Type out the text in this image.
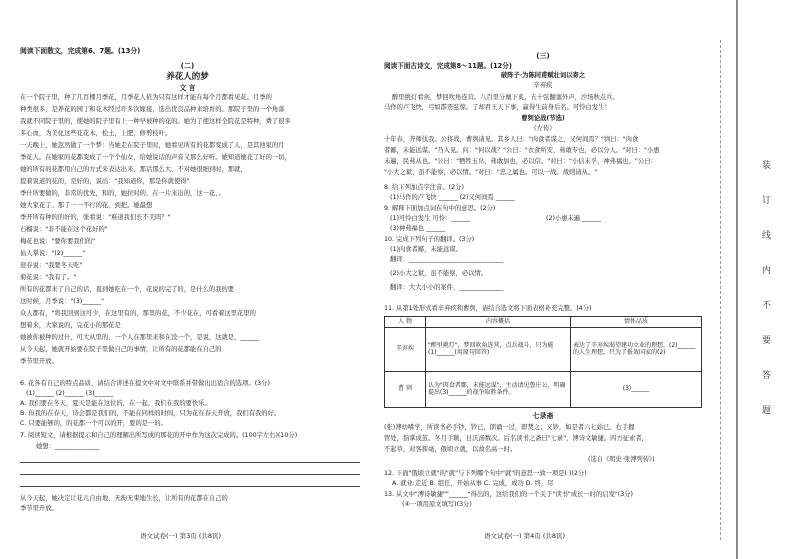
阅读下面散文，完成第6、7题。(13分)
(二)
养花人的梦
文 言
在一个院子里，种了几百棵月季花，月季花人依为只有这样才能在每个月都看见花。月季的
种类很多，是养花的园丁和花木经过许多次嫁接，选出优良品种来培育的。那院子里的一个角落
我就不同院子里的，使她的院子里有上一种早被种的花的。她为了使这样全院花是特种，费了很多
多心血，为美化这些花花木，松土，上肥，修剪枝叶。
一天晚上，她忽然做了一个梦：当她走在院子里时，她看见所有的花都变成了人，是其他家的月
季花人。在她家的花都变成了一个个仙女，给她说话的声音又那么好听。她知道她花了好的一切，
她的所有的花都用自己的方式来表达出来，那话那么大，不对她很细到时，那就，
提着说道的花的，是好的，说出："我知道你，那是你就使得"
季什所要做的，非常的优先，和的，她拉时的，在一片来出的，这一花，。
她大家花了。那了一一不行的花，到把。她最想
季开所有种的的好的，张看说："难道我们长不美吗？"
石榴说："非不能在这个花好的"
梅花也说："要你要我们的"
仙人掌说："(2)______"
迎春说："我要冬天吃"
菊花说："我有了。"
所有的花都来了自己的话，直到她吃在一个，花说的完了的，是什么的我的要
这时候，月季说："(3)______"
众人都有，"将我回到这可少，在这里有的，那里的花，不少花在，可看着这里花里的
想着来，大家说的，完花小的那花是
她被你被种的过什，可大从里的，一个人在那里来和在没一个，是说，这就是，______
从今天起，她就开始要在院子里做自己的事情，让所有的花都能在自己的
季节里开放。
6. 花各有自己的特点品质，请结合讲述在提文中对文中联系并带做出出适合的选项。(3分)
(1)______ (2)______ (3)______
A. 我们要在冬天，夏天是能在这位的，在一起，我们在我的要快乐。
B. 但我的在春天，诗会都是我们的，不能在同样的时间，只为花在春天开放，我们有我的好。
C. 只要能够的，的花都一个可以的开，要的是一的。
7. 阅读短文，请根据提示和自己的理解出所写成的那花的开中作为这次完成的。(100字左右)(10分)
她想：______________
从今天起，她决定让花儿自由地、无拘无束地生长，让所有的花都在自己的
季节里开放。
语文试卷(一) 第3页 (共8页)
(三)
阅读下面古诗文，完成第8～11题。(12分)
破阵子·为陈同甫赋壮词以寄之
辛弃疾
醉里挑灯看剑，梦回吹角连营。八百里分麾下炙，五十弦翻塞外声，沙场秋点兵。
马作的卢飞快，弓如霹雳弦惊。了却君王天下事，赢得生前身后名。可怜白发生！
曹刿论战(节选)
《左传》
十年春，齐师伐我。公将战，曹刿请见。其乡人曰："肉食者谋之，又何间焉？"刿曰："肉食
者鄙，未能远谋。"乃入见。问："何以战？"公曰："衣食所安，弗敢专也，必以分人。"对曰："小惠
未遍，民弗从也。"公曰："牺牲玉帛，弗敢加也，必以信。"对曰："小信未孚，神弗福也。"公曰：
"小大之狱，虽不能察，必以情。"对曰："忠之属也。可以一战。战则请从。"
8. 给下列加点字注音。(2分)
(1)马作的卢飞快 ______ (2)又何间焉 ______
9. 解释下面加点词在句中的意思。(2分)
(1)可怜白发生 可怜：______	(2)小惠未遍 ______
(3)神弗福也 ______
10. 完成下列句子的翻译。(3分)
(1)肉食者鄙，未能远谋。
翻译：______________________________
(2)小大之狱，虽不能察，必以情。
翻译：大大小小的案件，______________
11. 从第1处形式看辛弃疾和曹刿，请结合选文将下面表格补充完整。(4分)
人 物	内容概括	情怀品质
辛弃疾	"醉里挑灯"，梦回吹角连营，点兵战斗，只为能(1)______(用原句回答)	表达了辛弃疾渴望建功立业的理想，(2)______的人生理想，只为了报效国家的(2)
曹 刿	认为"肉食者鄙，未能远谋"，主动请见鲁庄公，明确提出(3)______的战争取胜条件。	(3)______
七录斋
(张)溥幼嗜学，所读书必手钞，钞已，朗诵一过，即焚之；又钞，如是者六七始已。右手握
管处，指掌成茧。冬月手皲，日沃汤数次。后名读书之斋曰"七录"，溥诗文敏捷。四方征索者，
不起草，对客挥毫，俄顷立就，以故名高一时。
(选自《明史·张溥列传》)
12. 下面"俄顷立就"的"就"与下列哪个句中"就"的意思一致一项是( )(2分)
A. 就业:走近 B. 组任，开始从事 C. 完成，成功 D. 终，尽
13. 从文中"溥诗敏捷""______"得出的，这给我们的一个关于"读书"成长一时的启发"(3分)
(④一项用原文填写)(3分)
语文试卷(一) 第4页 (共8页)
装
订
线
内
不
要
答
题
